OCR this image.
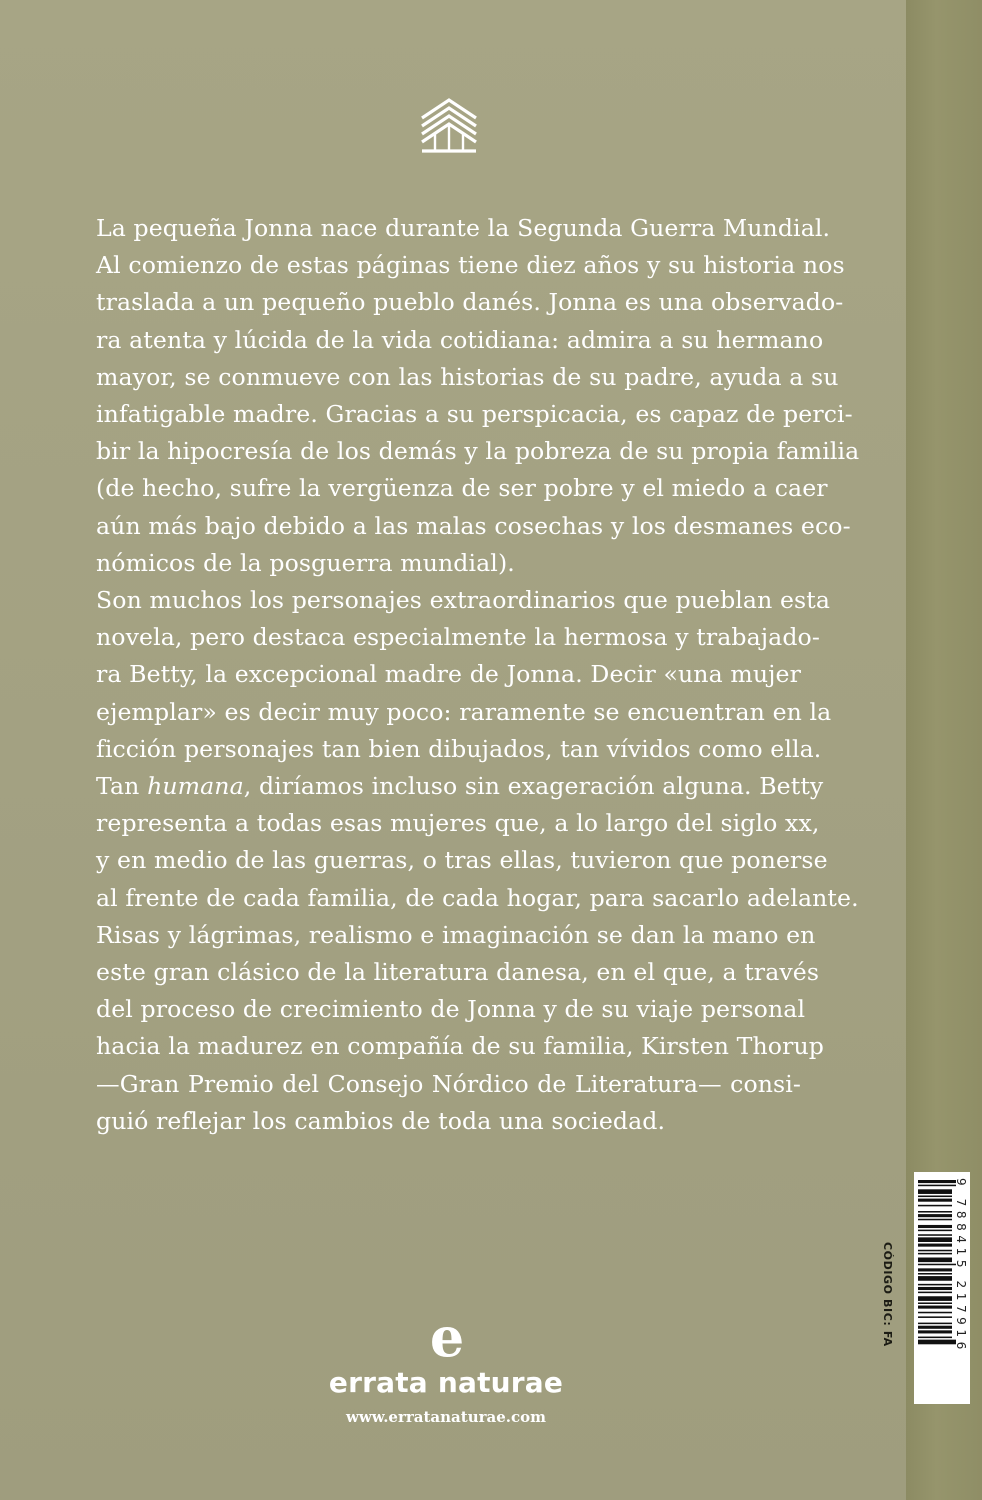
La pequeña Jonna nace durante la Segunda Guerra Mundial.
Al comienzo de estas páginas tiene diez años y su historia nos
traslada a un pequeño pueblo danés. Jonna es una observado-
ra atenta y lúcida de la vida cotidiana: admira a su hermano
mayor, se conmueve con las historias de su padre, ayuda a su
infatigable madre. Gracias a su perspicacia, es capaz de perci-
bir la hipocresía de los demás y la pobreza de su propia familia
(de hecho, sufre la vergüenza de ser pobre y el miedo a caer
aún más bajo debido a las malas cosechas y los desmanes eco-
nómicos de la posguerra mundial).

Son muchos los personajes extraordinarios que pueblan esta
novela, pero destaca especialmente la hermosa y trabajado-
ra Betty, la excepcional madre de Jonna. Decir «una mujer
ejemplar» es decir muy poco: raramente se encuentran en la
ficción personajes tan bien dibujados, tan vívidos como ella.
Tan humana, diríamos incluso sin exageración alguna. Betty
representa a todas esas mujeres que, a lo largo del siglo xx,
y en medio de las guerras, o tras ellas, tuvieron que ponerse
al frente de cada familia, de cada hogar, para sacarlo adelante.

Risas y lágrimas, realismo e imaginación se dan la mano en
este gran clásico de la literatura danesa, en el que, a través
del proceso de crecimiento de Jonna y de su viaje personal
hacia la madurez en compañía de su familia, Kirsten Thorup
—Gran Premio del Consejo Nórdico de Literatura— consi-
guió reflejar los cambios de toda una sociedad.

e
errata naturae
www.erratanaturae.com
CÓDIGO BIC: FA	9 788415 217916
